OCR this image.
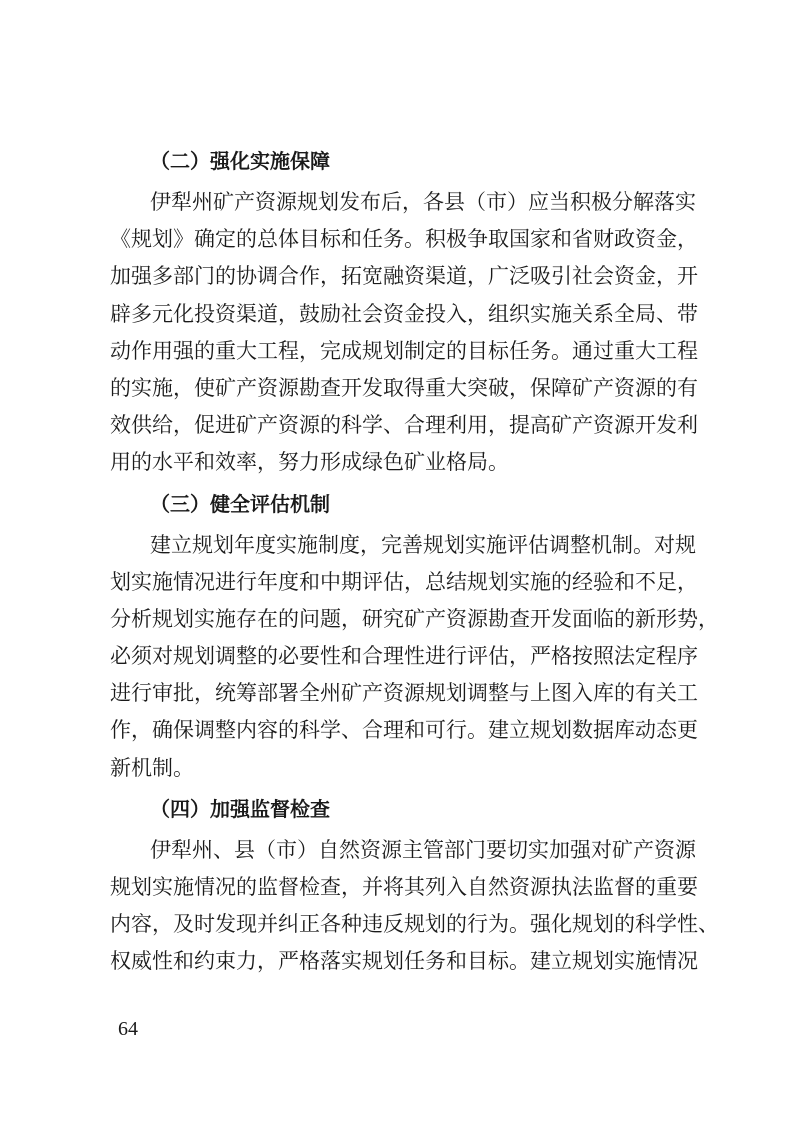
（二）强化实施保障
伊犁州矿产资源规划发布后，各县（市）应当积极分解落实
《规划》确定的总体目标和任务。积极争取国家和省财政资金，
加强多部门的协调合作，拓宽融资渠道，广泛吸引社会资金，开
辟多元化投资渠道，鼓励社会资金投入，组织实施关系全局、带
动作用强的重大工程，完成规划制定的目标任务。通过重大工程
的实施，使矿产资源勘查开发取得重大突破，保障矿产资源的有
效供给，促进矿产资源的科学、合理利用，提高矿产资源开发利
用的水平和效率，努力形成绿色矿业格局。
（三）健全评估机制
建立规划年度实施制度，完善规划实施评估调整机制。对规
划实施情况进行年度和中期评估，总结规划实施的经验和不足，
分析规划实施存在的问题，研究矿产资源勘查开发面临的新形势，
必须对规划调整的必要性和合理性进行评估，严格按照法定程序
进行审批，统筹部署全州矿产资源规划调整与上图入库的有关工
作，确保调整内容的科学、合理和可行。建立规划数据库动态更
新机制。
（四）加强监督检查
伊犁州、县（市）自然资源主管部门要切实加强对矿产资源
规划实施情况的监督检查，并将其列入自然资源执法监督的重要
内容，及时发现并纠正各种违反规划的行为。强化规划的科学性、
权威性和约束力，严格落实规划任务和目标。建立规划实施情况
64
